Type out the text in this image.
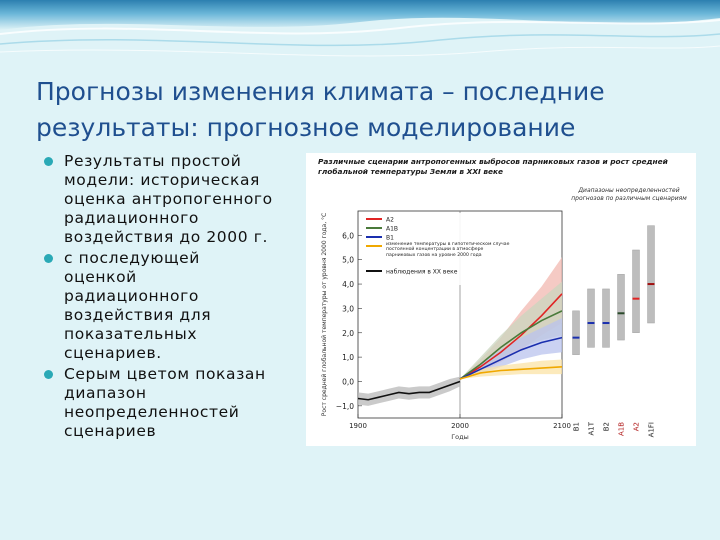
Прогнозы изменения климата – последние результаты: прогнозное моделирование
Результаты простой
модели: историческая
оценка антропогенного
радиационного
воздействия до 2000 г.
с последующей
оценкой
радиационного
воздействия для
показательных
сценариев.
Серым цветом показан
диапазон
неопределенностей
сценариев
Различные сценарии антропогенных выбросов парниковых газов и рост средней глобальной температуры Земли в XXI веке
Диапазоны неопределенностей прогнозов по различным сценариям
−1,0
0,0
1,0
2,0
3,0
4,0
5,0
6,0
1900	2000	2100
Годы
Рост средней глобальной температуры от уровня 2000 года, °C	А2
А1В
В1
изменение температуры в гипотетическом случае постоянной концентрации в атмосфере парниковых газов на уровне 2000 года
наблюдения в XX веке
В1 А1Т В2 А1В А2 А1FI
